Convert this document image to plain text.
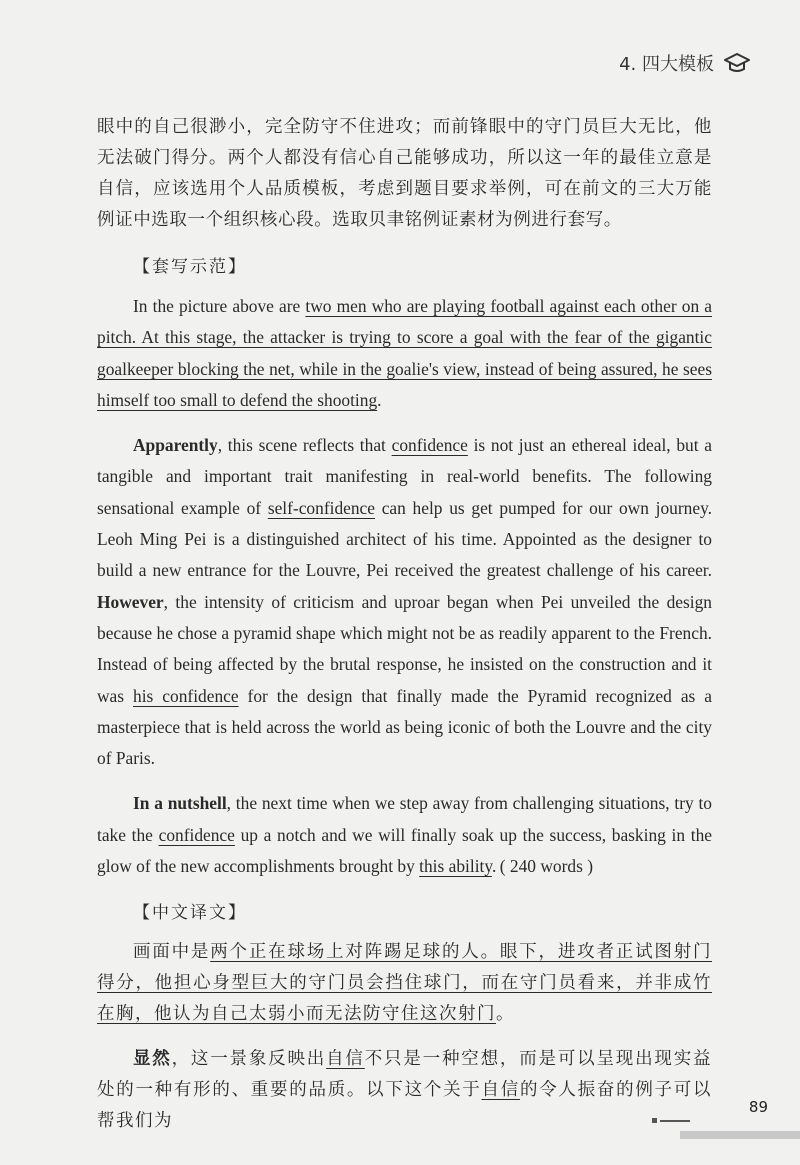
4. 四大模板

眼中的自己很渺小，完全防守不住进攻；而前锋眼中的守门员巨大无比，他无法破门得分。两个人都没有信心自己能够成功，所以这一年的最佳立意是自信，应该选用个人品质模板，考虑到题目要求举例，可在前文的三大万能例证中选取一个组织核心段。选取贝聿铭例证素材为例进行套写。

【套写示范】

In the picture above are two men who are playing football against each other on a pitch. At this stage, the attacker is trying to score a goal with the fear of the gigantic goalkeeper blocking the net, while in the goalie's view, instead of being assured, he sees himself too small to defend the shooting.

Apparently, this scene reflects that confidence is not just an ethereal ideal, but a tangible and important trait manifesting in real-world benefits. The following sensational example of self-confidence can help us get pumped for our own journey. Leoh Ming Pei is a distinguished architect of his time. Appointed as the designer to build a new entrance for the Louvre, Pei received the greatest challenge of his career. However, the intensity of criticism and uproar began when Pei unveiled the design because he chose a pyramid shape which might not be as readily apparent to the French. Instead of being affected by the brutal response, he insisted on the construction and it was his confidence for the design that finally made the Pyramid recognized as a masterpiece that is held across the world as being iconic of both the Louvre and the city of Paris.

In a nutshell, the next time when we step away from challenging situations, try to take the confidence up a notch and we will finally soak up the success, basking in the glow of the new accomplishments brought by this ability. ( 240 words )

【中文译文】

画面中是两个正在球场上对阵踢足球的人。眼下，进攻者正试图射门得分，他担心身型巨大的守门员会挡住球门，而在守门员看来，并非成竹在胸，他认为自己太弱小而无法防守住这次射门。

显然，这一景象反映出自信不只是一种空想，而是可以呈现出现实益处的一种有形的、重要的品质。以下这个关于自信的令人振奋的例子可以帮我们为

89
